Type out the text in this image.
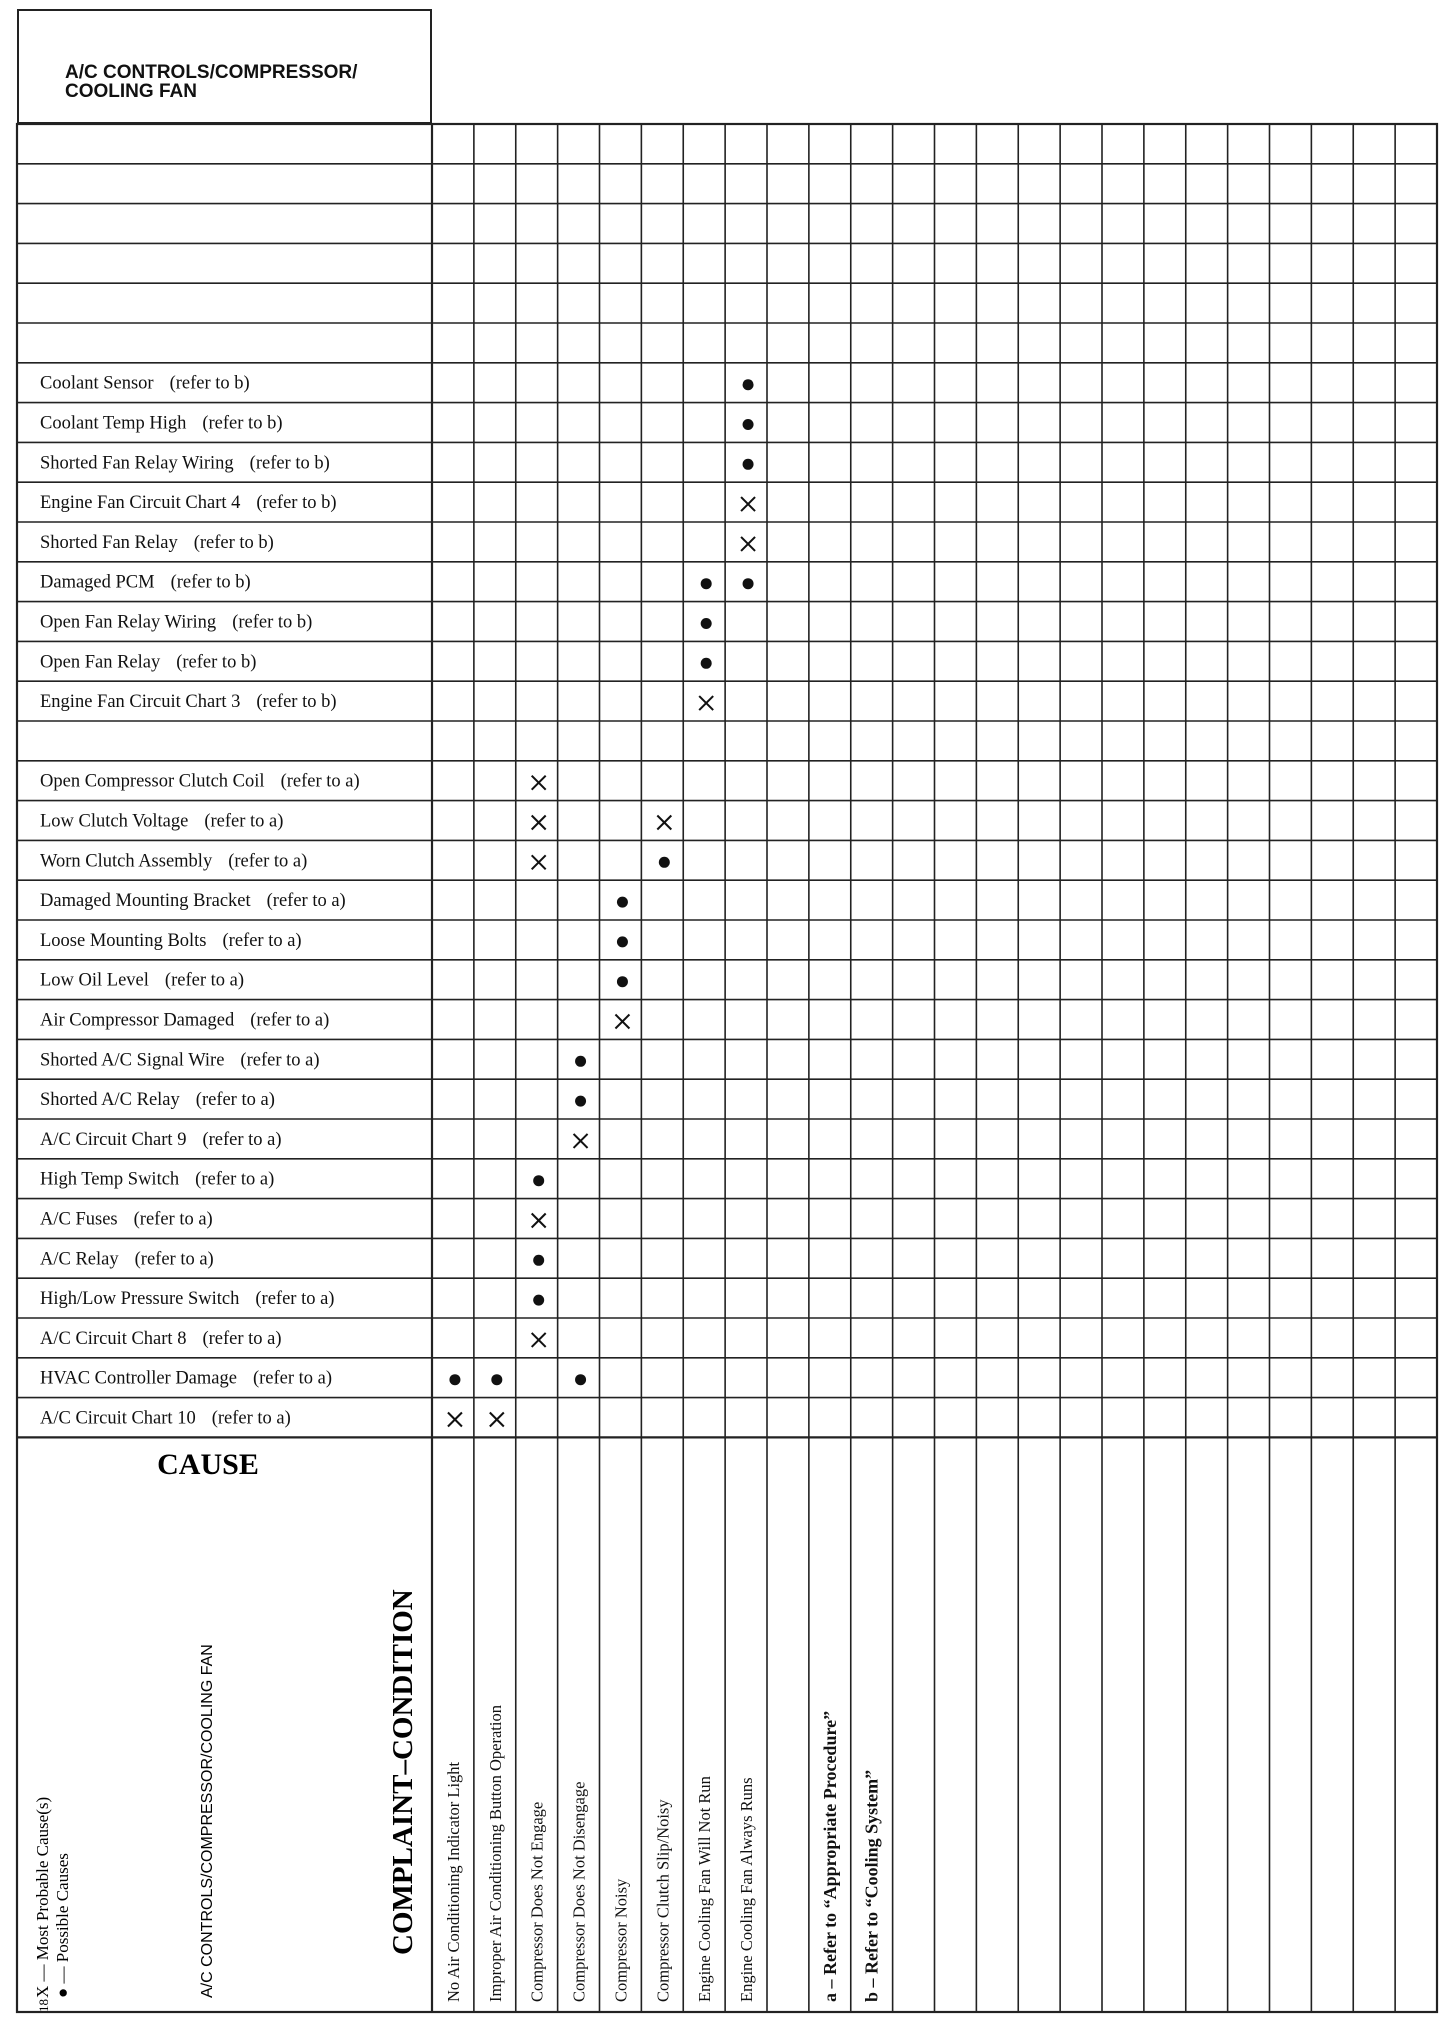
A/C CONTROLS/COMPRESSOR/
COOLING FAN
Coolant Sensor (refer to b)
Coolant Temp High (refer to b)
Shorted Fan Relay Wiring (refer to b)
Engine Fan Circuit Chart 4 (refer to b)
Shorted Fan Relay (refer to b)
Damaged PCM (refer to b)
Open Fan Relay Wiring (refer to b)
Open Fan Relay (refer to b)
Engine Fan Circuit Chart 3 (refer to b)
Open Compressor Clutch Coil (refer to a)
Low Clutch Voltage (refer to a)
Worn Clutch Assembly (refer to a)
Damaged Mounting Bracket (refer to a)
Loose Mounting Bolts (refer to a)
Low Oil Level (refer to a)
Air Compressor Damaged (refer to a)
Shorted A/C Signal Wire (refer to a)
Shorted A/C Relay (refer to a)
A/C Circuit Chart 9 (refer to a)
High Temp Switch (refer to a)
A/C Fuses (refer to a)
A/C Relay (refer to a)
High/Low Pressure Switch (refer to a)
A/C Circuit Chart 8 (refer to a)
HVAC Controller Damage (refer to a)
A/C Circuit Chart 10 (refer to a)
No Air Conditioning Indicator Light Improper Air Conditioning Button Operation Compressor Does Not Engage Compressor Does Not Disengage Compressor Noisy Compressor Clutch Slip/Noisy Engine Cooling Fan Will Not Run Engine Cooling Fan Always Runs	a – Refer to “Appropriate Procedure” b – Refer to “Cooling System”
CAUSE
COMPLAINT–CONDITION
A/C CONTROLS/COMPRESSOR/COOLING FAN
X — Most Probable Cause(s) ● — Possible Causes
18
